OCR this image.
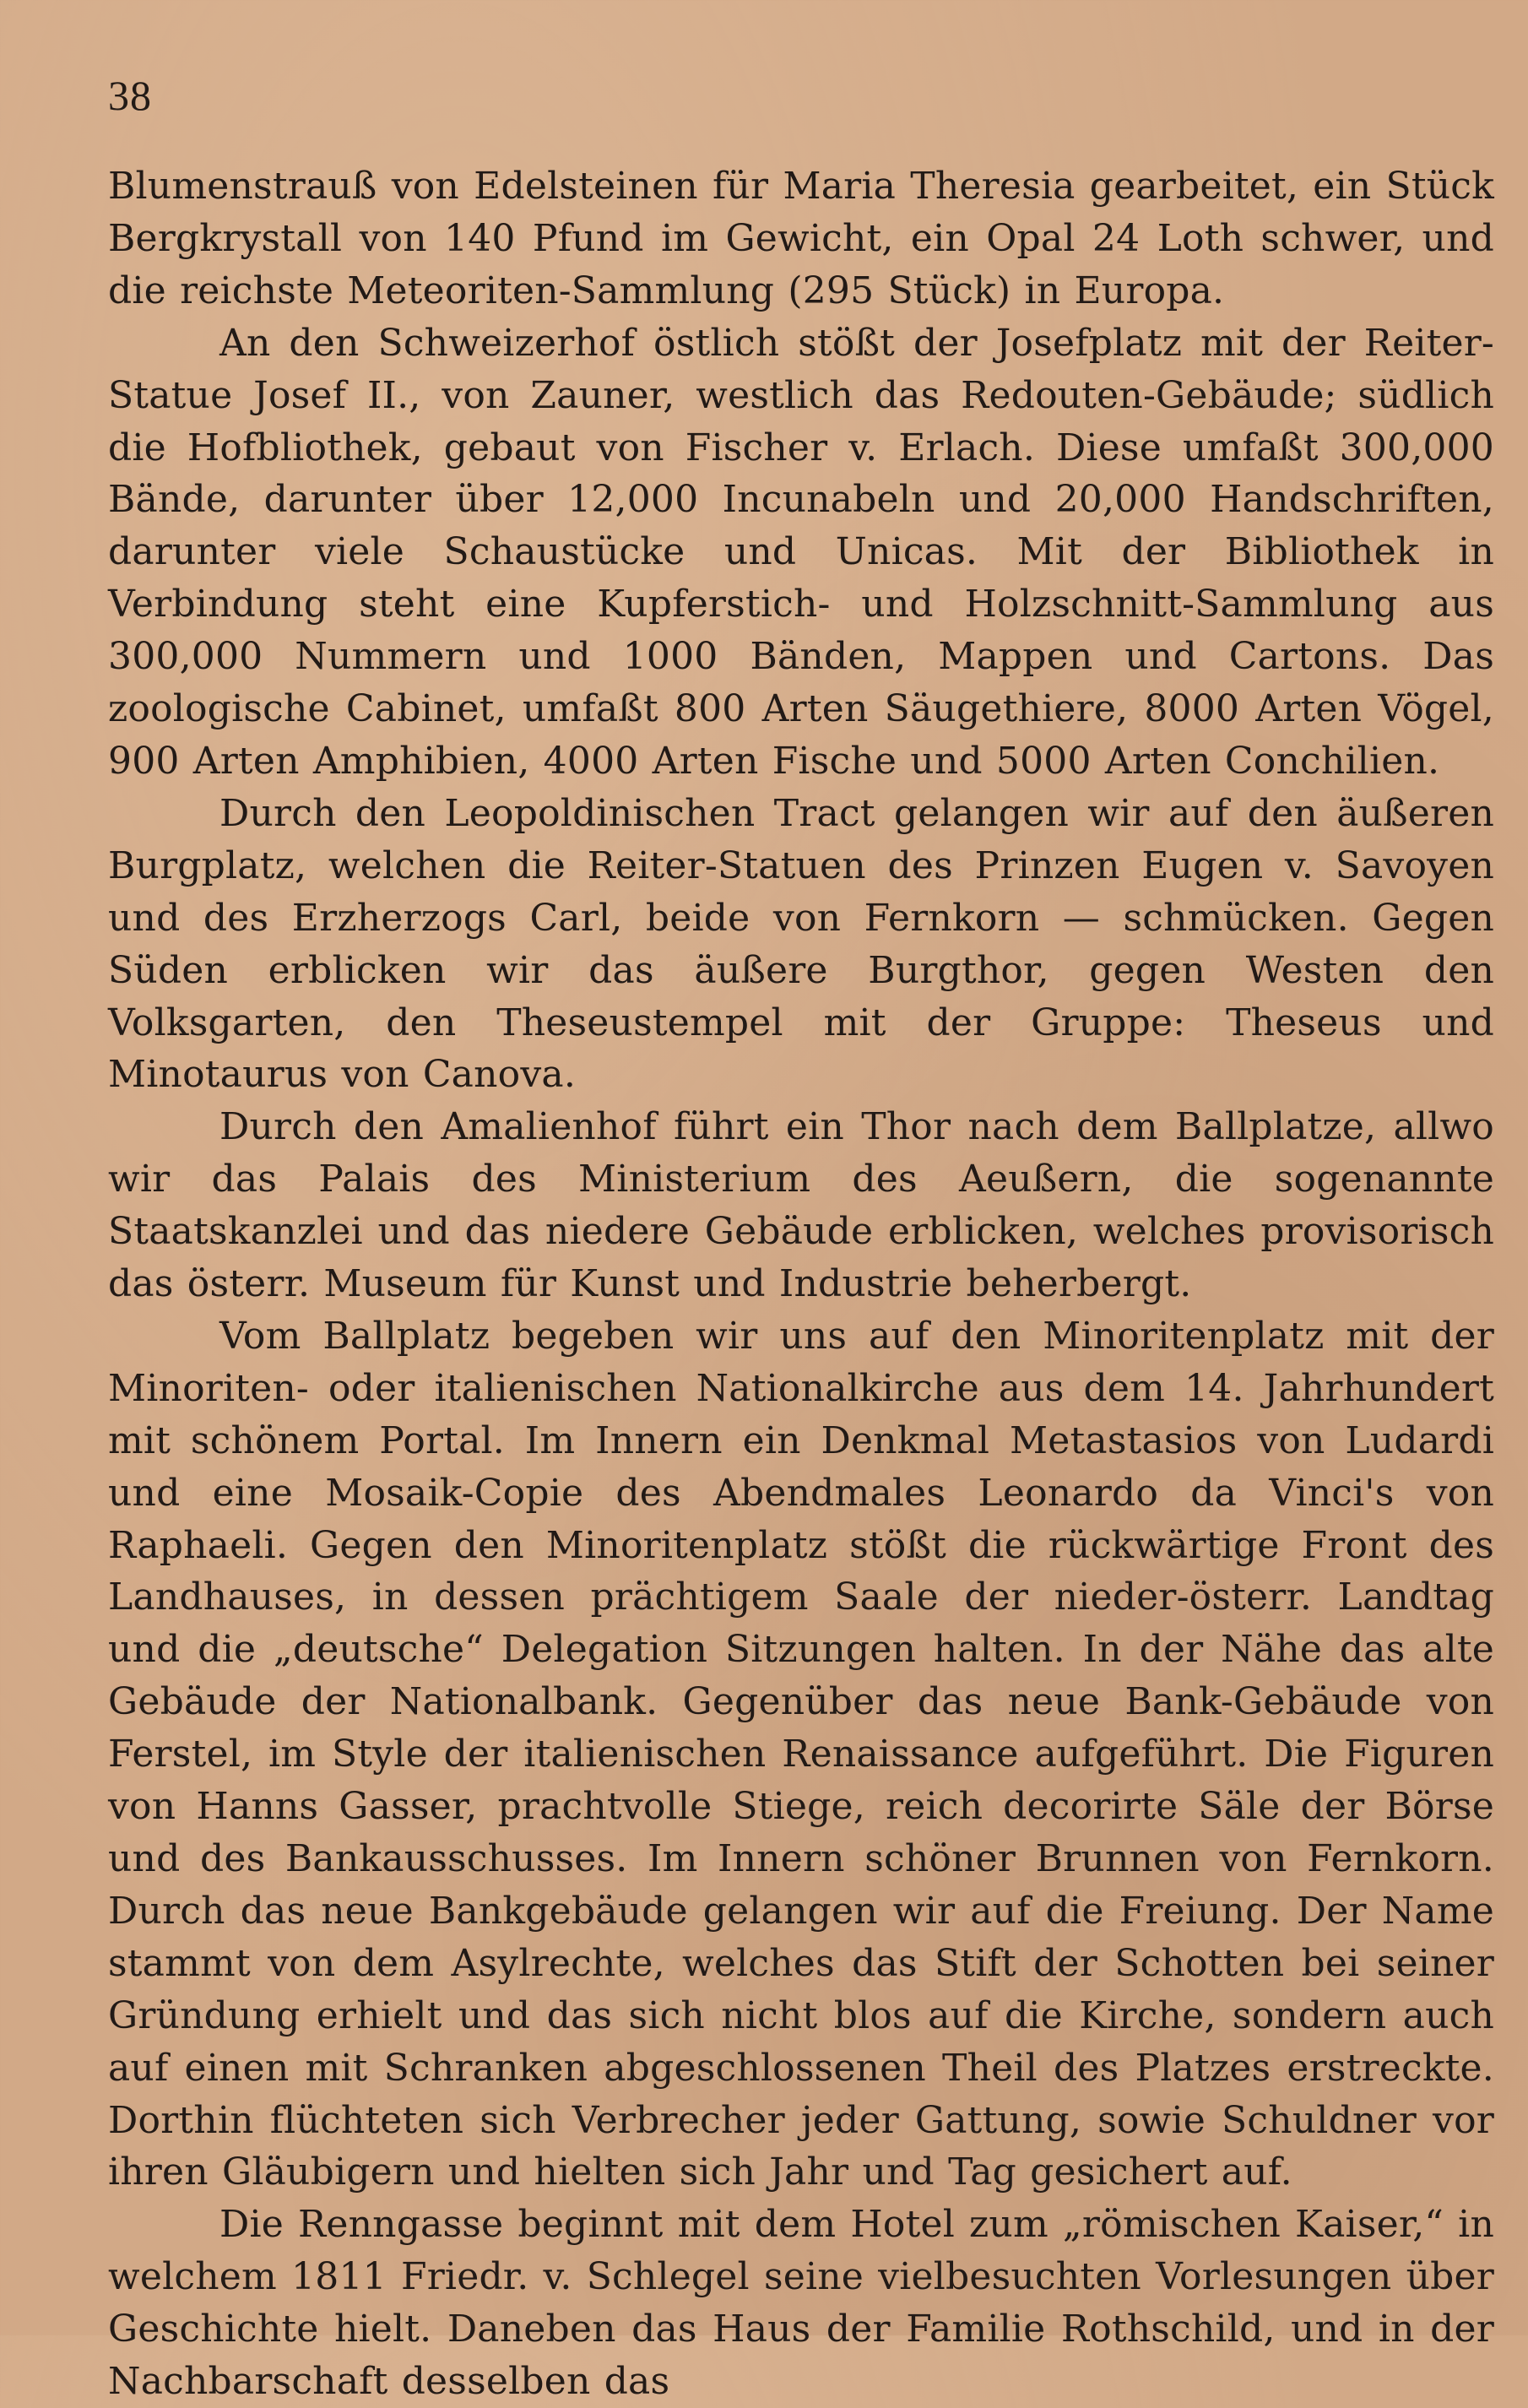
38

Blumenstrauß von Edelsteinen für Maria Theresia gearbeitet, ein Stück Bergkrystall von 140 Pfund im Gewicht, ein Opal 24 Loth schwer, und die reichste Meteoriten-Sammlung (295 Stück) in Europa.

An den Schweizerhof östlich stößt der Josefplatz mit der Reiter-Statue Josef II., von Zauner, westlich das Redouten-Gebäude; südlich die Hofbliothek, gebaut von Fischer v. Erlach. Diese umfaßt 300,000 Bände, darunter über 12,000 Incunabeln und 20,000 Handschriften, darunter viele Schaustücke und Unicas. Mit der Bibliothek in Verbindung steht eine Kupferstich- und Holzschnitt-Sammlung aus 300,000 Nummern und 1000 Bänden, Mappen und Cartons. Das zoologische Cabinet, umfaßt 800 Arten Säugethiere, 8000 Arten Vögel, 900 Arten Amphibien, 4000 Arten Fische und 5000 Arten Conchilien.

Durch den Leopoldinischen Tract gelangen wir auf den äußeren Burgplatz, welchen die Reiter-Statuen des Prinzen Eugen v. Savoyen und des Erzherzogs Carl, beide von Fernkorn — schmücken. Gegen Süden erblicken wir das äußere Burgthor, gegen Westen den Volksgarten, den Theseustempel mit der Gruppe: Theseus und Minotaurus von Canova.

Durch den Amalienhof führt ein Thor nach dem Ballplatze, allwo wir das Palais des Ministerium des Aeußern, die sogenannte Staatskanzlei und das niedere Gebäude erblicken, welches provisorisch das österr. Museum für Kunst und Industrie beherbergt.

Vom Ballplatz begeben wir uns auf den Minoritenplatz mit der Minoriten- oder italienischen Nationalkirche aus dem 14. Jahrhundert mit schönem Portal. Im Innern ein Denkmal Metastasios von Ludardi und eine Mosaik-Copie des Abendmales Leonardo da Vinci's von Raphaeli. Gegen den Minoritenplatz stößt die rückwärtige Front des Landhauses, in dessen prächtigem Saale der nieder-österr. Landtag und die „deutsche“ Delegation Sitzungen halten. In der Nähe das alte Gebäude der Nationalbank. Gegenüber das neue Bank-Gebäude von Ferstel, im Style der italienischen Renaissance aufgeführt. Die Figuren von Hanns Gasser, prachtvolle Stiege, reich decorirte Säle der Börse und des Bankausschusses. Im Innern schöner Brunnen von Fernkorn. Durch das neue Bankgebäude gelangen wir auf die Freiung. Der Name stammt von dem Asylrechte, welches das Stift der Schotten bei seiner Gründung erhielt und das sich nicht blos auf die Kirche, sondern auch auf einen mit Schranken abgeschlossenen Theil des Platzes erstreckte. Dorthin flüchteten sich Verbrecher jeder Gattung, sowie Schuldner vor ihren Gläubigern und hielten sich Jahr und Tag gesichert auf.

Die Renngasse beginnt mit dem Hotel zum „römischen Kaiser,“ in welchem 1811 Friedr. v. Schlegel seine vielbesuchten Vorlesungen über Geschichte hielt. Daneben das Haus der Familie Rothschild, und in der Nachbarschaft desselben das
